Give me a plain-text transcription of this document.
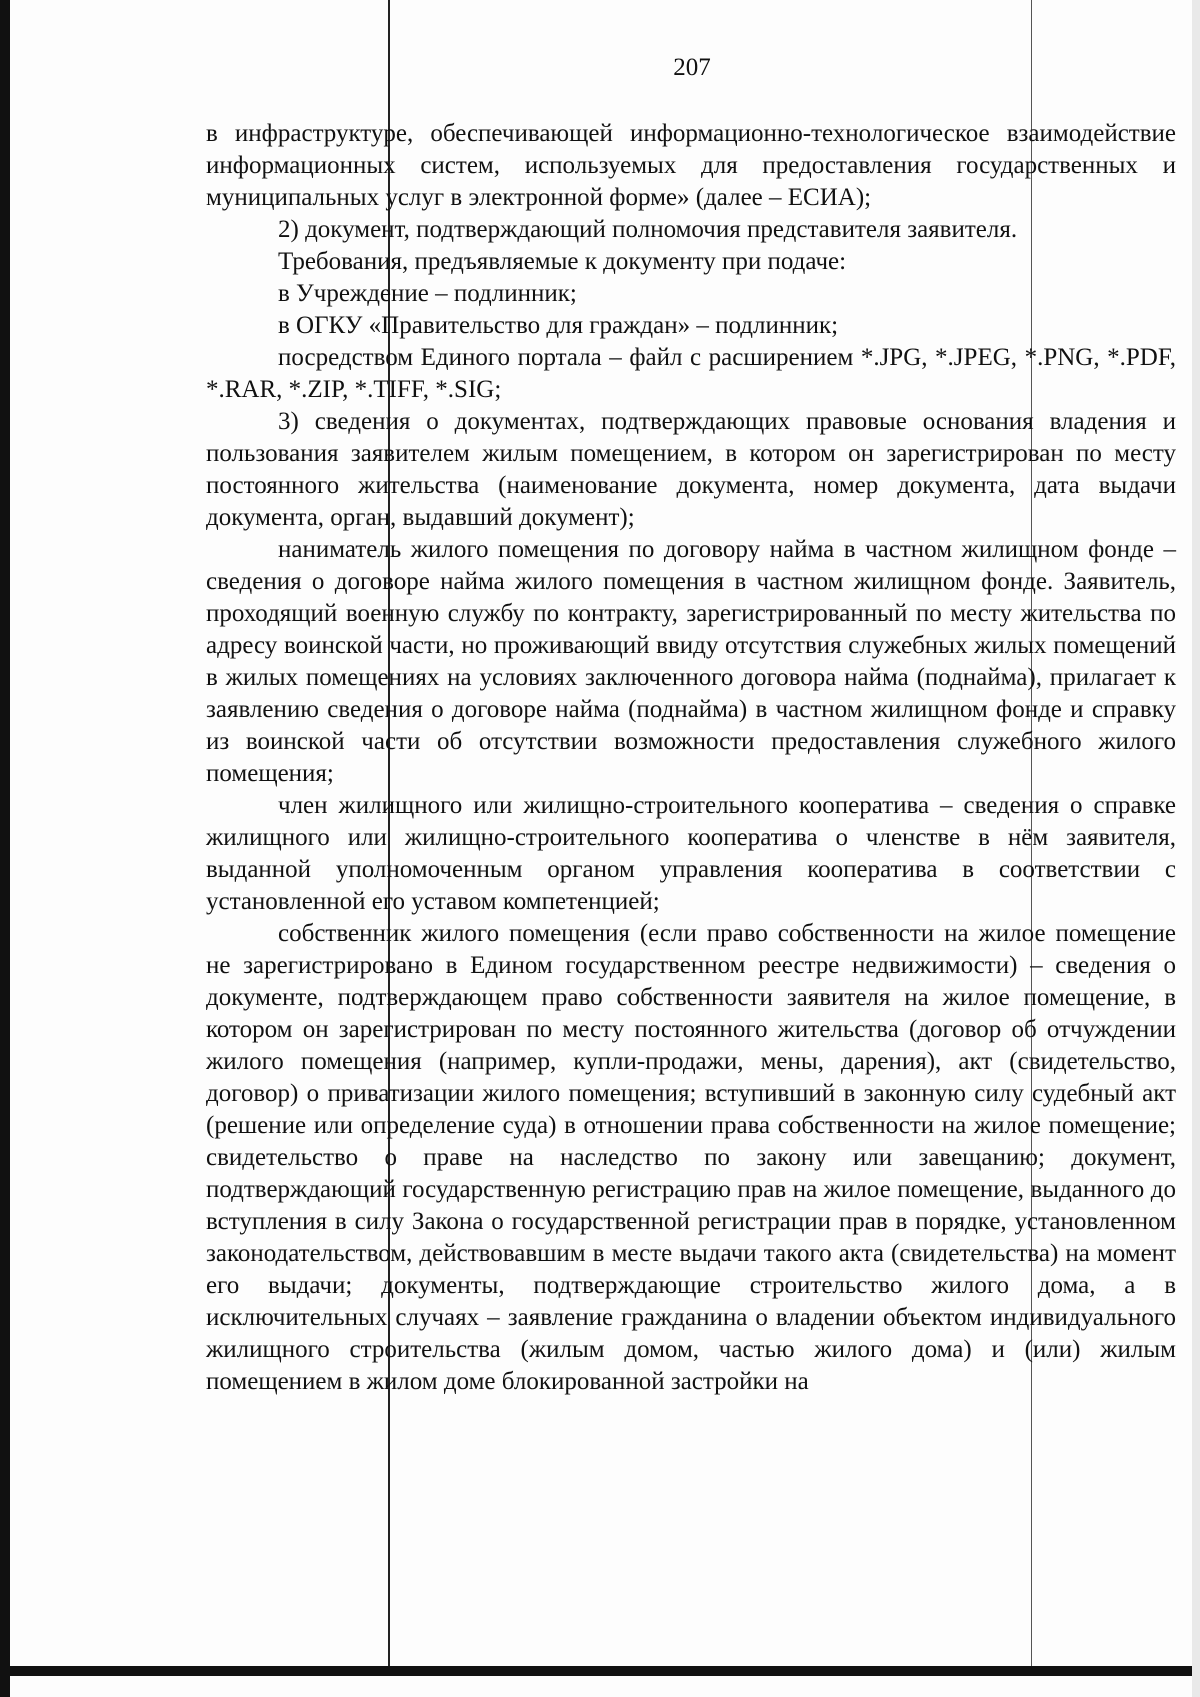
207

в инфраструктуре, обеспечивающей информационно-технологическое взаимодействие информационных систем, используемых для предоставления государственных и муниципальных услуг в электронной форме» (далее – ЕСИА);

2) документ, подтверждающий полномочия представителя заявителя.

Требования, предъявляемые к документу при подаче:

в Учреждение – подлинник;

в ОГКУ «Правительство для граждан» – подлинник;

посредством Единого портала – файл с расширением *.JPG, *.JPEG, *.PNG, *.PDF, *.RAR, *.ZIP, *.TIFF, *.SIG;

3) сведения о документах, подтверждающих правовые основания владения и пользования заявителем жилым помещением, в котором он зарегистрирован по месту постоянного жительства (наименование документа, номер документа, дата выдачи документа, орган, выдавший документ);

наниматель жилого помещения по договору найма в частном жилищном фонде – сведения о договоре найма жилого помещения в частном жилищном фонде. Заявитель, проходящий военную службу по контракту, зарегистрированный по месту жительства по адресу воинской части, но проживающий ввиду отсутствия служебных жилых помещений в жилых помещениях на условиях заключенного договора найма (поднайма), прилагает к заявлению сведения о договоре найма (поднайма) в частном жилищном фонде и справку из воинской части об отсутствии возможности предоставления служебного жилого помещения;

член жилищного или жилищно-строительного кооператива – сведения о справке жилищного или жилищно-строительного кооператива о членстве в нём заявителя, выданной уполномоченным органом управления кооператива в соответствии с установленной его уставом компетенцией;

собственник жилого помещения (если право собственности на жилое помещение не зарегистрировано в Едином государственном реестре недвижимости) – сведения о документе, подтверждающем право собственности заявителя на жилое помещение, в котором он зарегистрирован по месту постоянного жительства (договор об отчуждении жилого помещения (например, купли-продажи, мены, дарения), акт (свидетельство, договор) о приватизации жилого помещения; вступивший в законную силу судебный акт (решение или определение суда) в отношении права собственности на жилое помещение; свидетельство о праве на наследство по закону или завещанию; документ, подтверждающий государственную регистрацию прав на жилое помещение, выданного до вступления в силу Закона о государственной регистрации прав в порядке, установленном законодательством, действовавшим в месте выдачи такого акта (свидетельства) на момент его выдачи; документы, подтверждающие строительство жилого дома, а в исключительных случаях – заявление гражданина о владении объектом индивидуального жилищного строительства (жилым домом, частью жилого дома) и (или) жилым помещением в жилом доме блокированной застройки на
